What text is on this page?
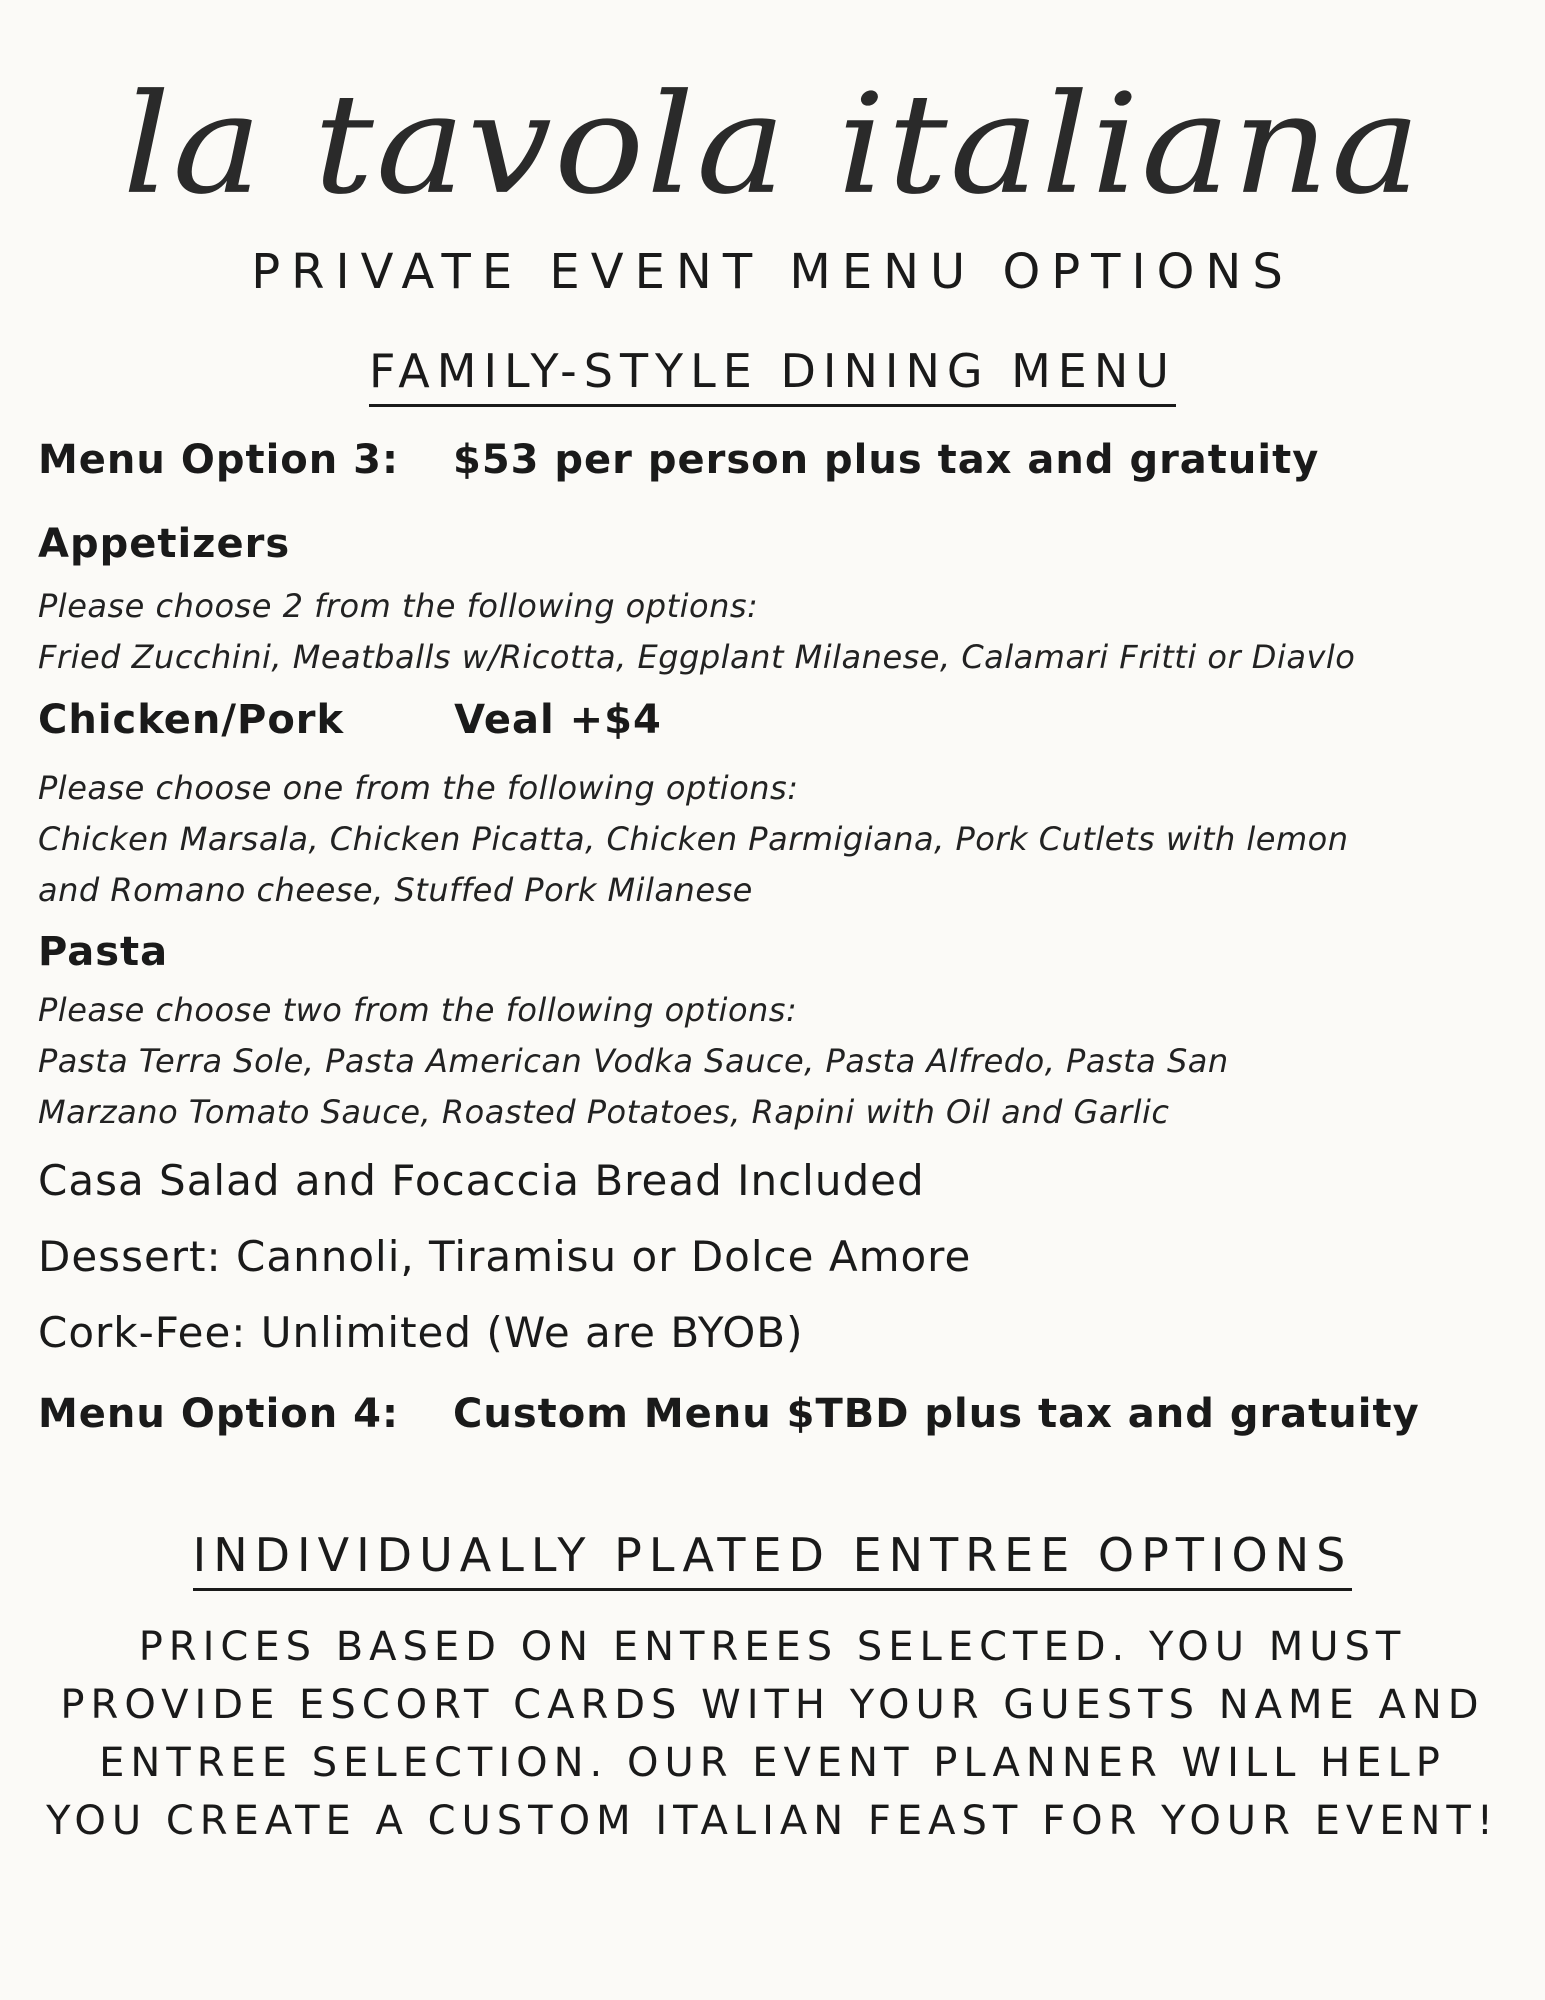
la tavola italiana
PRIVATE EVENT MENU OPTIONS
FAMILY-STYLE DINING MENU
Menu Option 3: $53 per person plus tax and gratuity
Appetizers
Please choose 2 from the following options:
Fried Zucchini, Meatballs w/Ricotta, Eggplant Milanese, Calamari Fritti or Diavlo
Chicken/Pork	Veal +$4
Please choose one from the following options:
Chicken Marsala, Chicken Picatta, Chicken Parmigiana, Pork Cutlets with lemon
and Romano cheese, Stuffed Pork Milanese
Pasta
Please choose two from the following options:
Pasta Terra Sole, Pasta American Vodka Sauce, Pasta Alfredo, Pasta San
Marzano Tomato Sauce, Roasted Potatoes, Rapini with Oil and Garlic
Casa Salad and Focaccia Bread Included
Dessert: Cannoli, Tiramisu or Dolce Amore
Cork-Fee: Unlimited (We are BYOB)
Menu Option 4: Custom Menu $TBD plus tax and gratuity
INDIVIDUALLY PLATED ENTREE OPTIONS
PRICES BASED ON ENTREES SELECTED. YOU MUST PROVIDE ESCORT CARDS WITH YOUR GUESTS NAME AND ENTREE SELECTION. OUR EVENT PLANNER WILL HELP YOU CREATE A CUSTOM ITALIAN FEAST FOR YOUR EVENT!
